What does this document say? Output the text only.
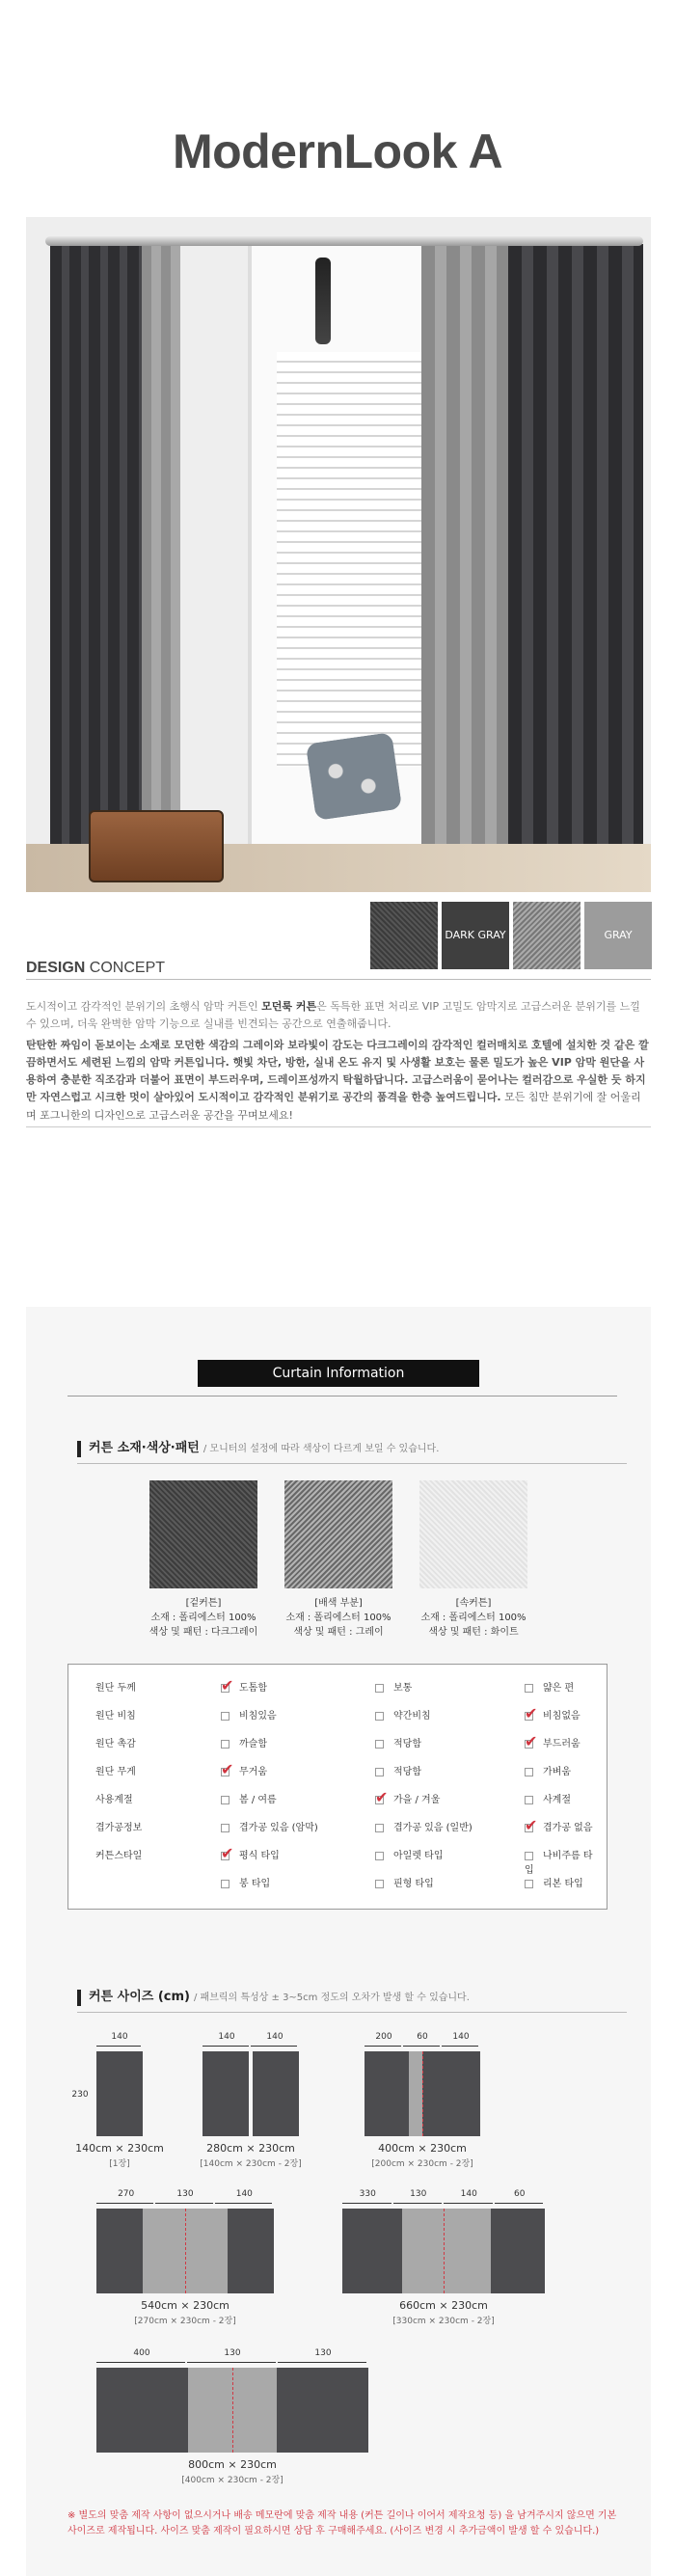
ModernLook A
DARK GRAY	GRAY
DESIGN CONCEPT
도시적이고 감각적인 분위기의 초행식 암막 커튼인 모던룩 커튼은 독특한 표면 처리로 VIP 고밀도 암막지로 고급스러운 분위기를 느낄 수 있으며, 더욱 완벽한 암막 기능으로 실내를 빈견되는 공간으로 연출해줍니다.
탄탄한 짜임이 돋보이는 소재로 모던한 색감의 그레이와 보라빛이 감도는 다크그레이의 감각적인 컬러매치로 호텔에 설치한 것 같은 깔끔하면서도 세련된 느낌의 암막 커튼입니다. 햇빛 차단, 방한, 실내 온도 유지 및 사생활 보호는 물론 밀도가 높은 VIP 암막 원단을 사용하여 충분한 직조감과 더불어 표면이 부드러우며, 드레이프성까지 탁월하답니다. 고급스러움이 묻어나는 컬러감으로 우실한 듯 하지만 자연스럽고 시크한 멋이 살아있어 도시적이고 감각적인 분위기로 공간의 품격을 한층 높여드립니다. 모든 침만 분위기에 잘 어울리며 포그니한의 디자인으로 고급스러운 공간을 꾸며보세요!
Curtain Information
커튼 소재·색상·패턴 / 모니터의 설정에 따라 색상이 다르게 보일 수 있습니다.
[겉커튼]
소재 : 폴리에스터 100%
색상 및 패턴 : 다크그레이
[배색 부분]
소재 : 폴리에스터 100%
색상 및 패턴 : 그레이
[속커튼]
소재 : 폴리에스터 100%
색상 및 패턴 : 화이트
원단 두께 ✔	도톰함	보통	얇은 편
원단 비침	비침있음	약간비침 ✔	비침없음
원단 촉감	까슬함	적당함 ✔	부드러움
원단 무게 ✔	무거움	적당함	가벼움
사용계절	봄 / 여름 ✔	가을 / 겨울	사계절
겹가공정보	겹가공 있음 (암막)	겹가공 있음 (일반) ✔	겹가공 없음
커튼스타일 ✔	평식 타입	아일렛 타입	나비주름 타입
봉 타입	핀형 타입	리본 타입
커튼 사이즈 (cm) / 패브릭의 특성상 ± 3~5cm 정도의 오차가 발생 할 수 있습니다.
140
230
140cm × 230cm
[1장]
140	140
280cm × 230cm
[140cm × 230cm - 2장]
200	60	140
400cm × 230cm
[200cm × 230cm - 2장]
270	130	140
540cm × 230cm
[270cm × 230cm - 2장]
330	130	140	60
660cm × 230cm
[330cm × 230cm - 2장]
400	130	130
800cm × 230cm
[400cm × 230cm - 2장]
※ 별도의 맞춤 제작 사항이 없으시거나 배송 메모란에 맞춤 제작 내용 (커튼 길이나 이어서 제작요청 등) 을 남겨주시지 않으면 기본사이즈로 제작됩니다. 사이즈 맞춤 제작이 필요하시면 상담 후 구매해주세요. (사이즈 변경 시 추가금액이 발생 할 수 있습니다.)
